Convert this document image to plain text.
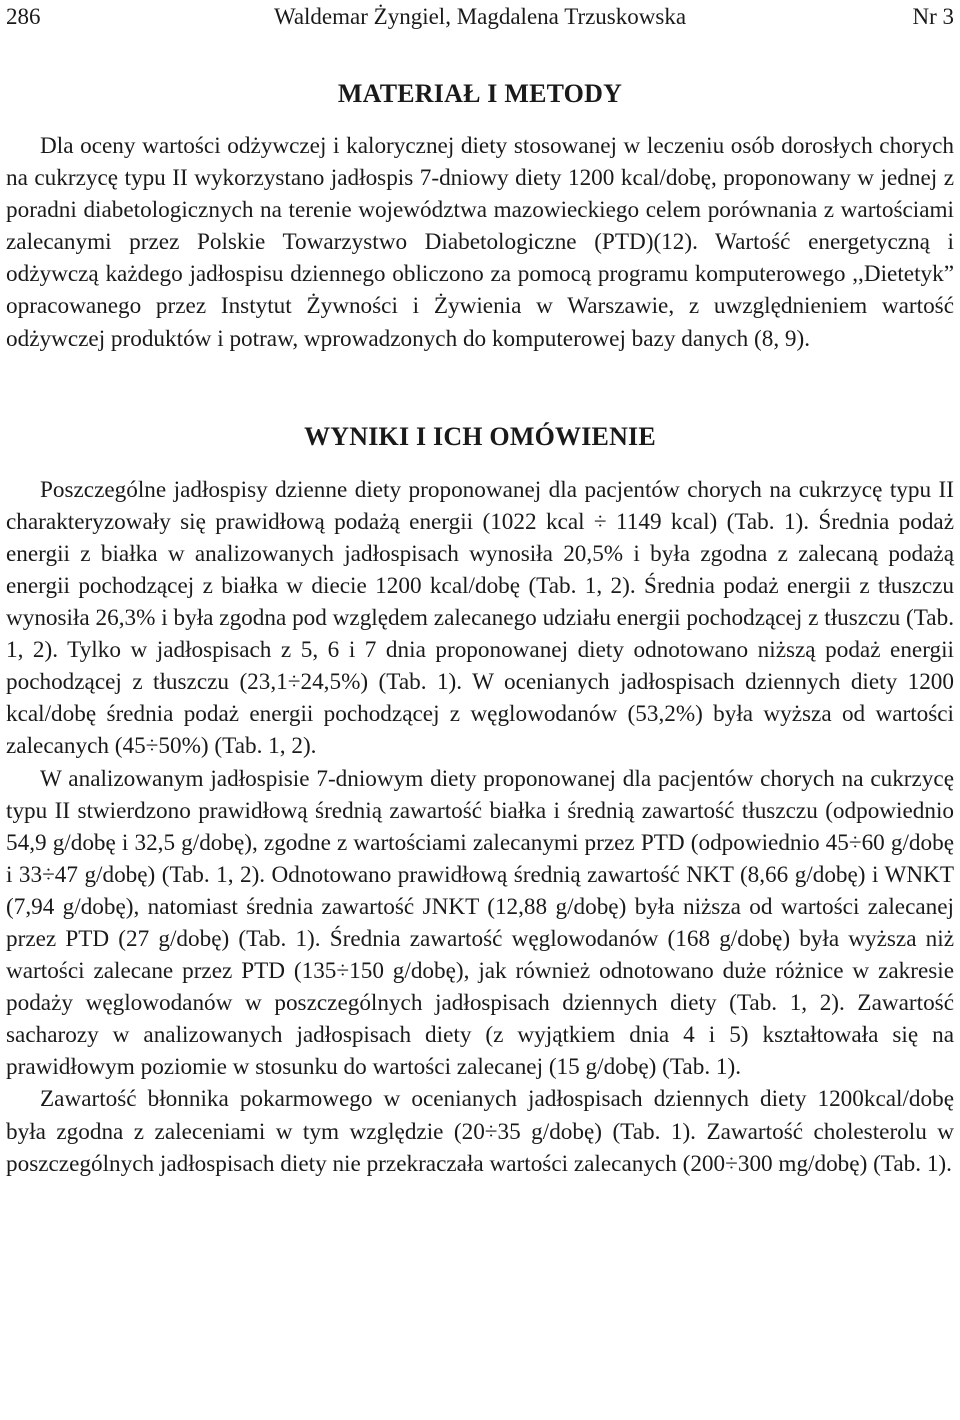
286	Waldemar Żyngiel, Magdalena Trzuskowska	Nr 3
MATERIAŁ I METODY

Dla oceny wartości odżywczej i kalorycznej diety stosowanej w leczeniu osób dorosłych chorych na cukrzycę typu II wykorzystano jadłospis 7-dniowy diety 1200 kcal/dobę, proponowany w jednej z poradni diabetologicznych na terenie województwa mazowieckiego celem porównania z wartościami zalecanymi przez Polskie Towarzystwo Diabetologiczne (PTD)(12). Wartość energetyczną i odżywczą każdego jadłospisu dziennego obliczono za pomocą programu komputerowego ,,Dietetyk” opracowanego przez Instytut Żywności i Żywienia w Warszawie, z uwzględnieniem wartość odżywczej produktów i potraw, wprowadzonych do komputerowej bazy danych (8, 9).

WYNIKI I ICH OMÓWIENIE

Poszczególne jadłospisy dzienne diety proponowanej dla pacjentów chorych na cukrzycę typu II charakteryzowały się prawidłową podażą energii (1022 kcal ÷ 1149 kcal) (Tab. 1). Średnia podaż energii z białka w analizowanych jadłospisach wynosiła 20,5% i była zgodna z zalecaną podażą energii pochodzącej z białka w diecie 1200 kcal/dobę (Tab. 1, 2). Średnia podaż energii z tłuszczu wynosiła 26,3% i była zgodna pod względem zalecanego udziału energii pochodzącej z tłuszczu (Tab. 1, 2). Tylko w jadłospisach z 5, 6 i 7 dnia proponowanej diety odnotowano niższą podaż energii pochodzącej z tłuszczu (23,1÷24,5%) (Tab. 1). W ocenianych jadłospisach dziennych diety 1200 kcal/dobę średnia podaż energii pochodzącej z węglowodanów (53,2%) była wyższa od wartości zalecanych (45÷50%) (Tab. 1, 2).

W analizowanym jadłospisie 7-dniowym diety proponowanej dla pacjentów chorych na cukrzycę typu II stwierdzono prawidłową średnią zawartość białka i średnią zawartość tłuszczu (odpowiednio 54,9 g/dobę i 32,5 g/dobę), zgodne z wartościami zalecanymi przez PTD (odpowiednio 45÷60 g/dobę i 33÷47 g/dobę) (Tab. 1, 2). Odnotowano prawidłową średnią zawartość NKT (8,66 g/dobę) i WNKT (7,94 g/dobę), natomiast średnia zawartość JNKT (12,88 g/dobę) była niższa od wartości zalecanej przez PTD (27 g/dobę) (Tab. 1). Średnia zawartość węglowodanów (168 g/dobę) była wyższa niż wartości zalecane przez PTD (135÷150 g/dobę), jak również odnotowano duże różnice w zakresie podaży węglowodanów w poszczególnych jadłospisach dziennych diety (Tab. 1, 2). Zawartość sacharozy w analizowanych jadłospisach diety (z wyjątkiem dnia 4 i 5) kształtowała się na prawidłowym poziomie w stosunku do wartości zalecanej (15 g/dobę) (Tab. 1).

Zawartość błonnika pokarmowego w ocenianych jadłospisach dziennych diety 1200kcal/dobę była zgodna z zaleceniami w tym względzie (20÷35 g/dobę) (Tab. 1). Zawartość cholesterolu w poszczególnych jadłospisach diety nie przekraczała wartości zalecanych (200÷300 mg/dobę) (Tab. 1).
